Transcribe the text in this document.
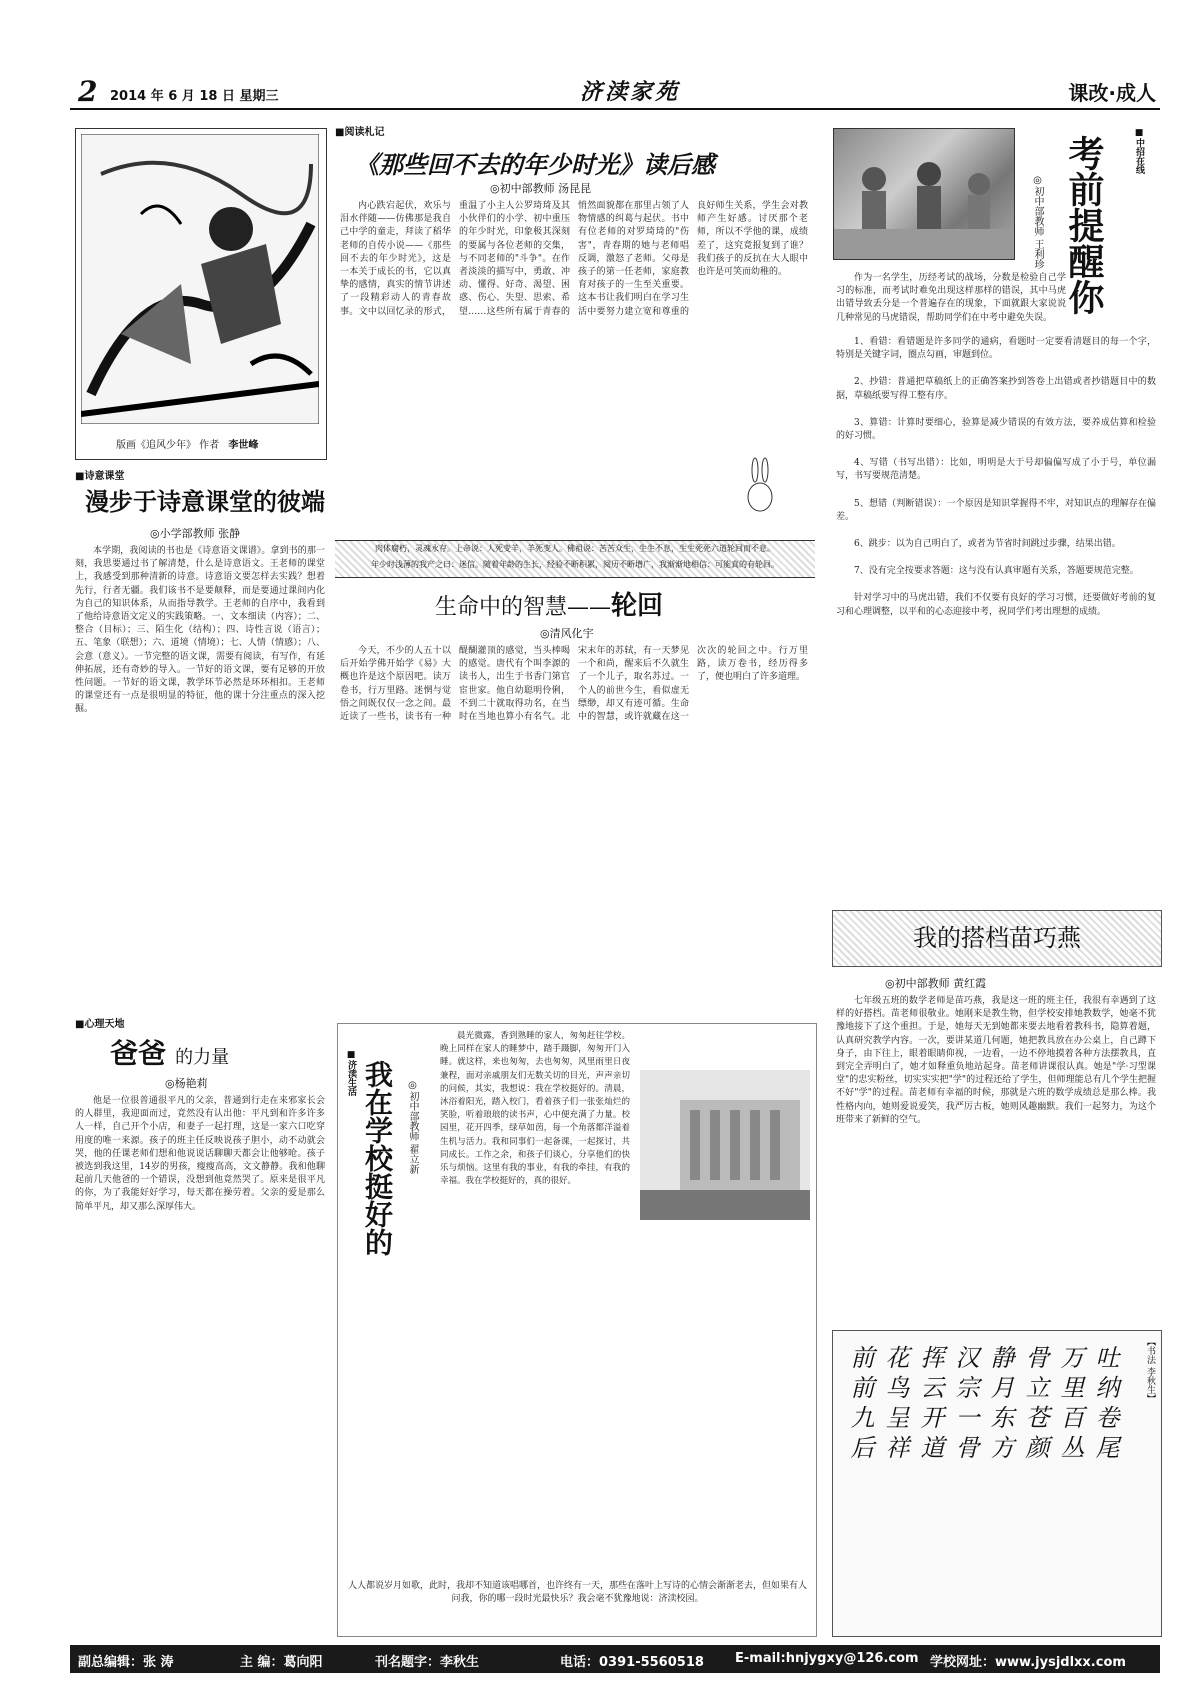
2 2014 年 6 月 18 日 星期三	济渎家苑	课改·成人
版画《追风少年》 作者 李世峰
■诗意课堂
漫步于诗意课堂的彼端
◎小学部教师 张静
本学期，我阅读的书也是《诗意语文课谱》。拿到书的那一刻，我思要通过书了解清楚，什么是诗意语文。王老师的课堂上，我感受到那种清新的诗意。诗意语文要怎样去实践？想着先行，行者无疆。我们该书不是要颠释，而是要通过课间内化为自己的知识体系，从而指导教学。王老师的自序中，我看到了他给诗意语文定义的实践策略。一、文本细读（内容）；二、整合（目标）；三、陌生化（结构）；四、诗性言说（语言）；五、笔象（联想）；六、道境（情境）；七、人情（情感）；八、会意（意义）。一节完整的语文课，需要有阅读，有写作，有延伸拓展，还有奇妙的导入。一节好的语文课，要有足够的开放性问题。一节好的语文课，教学环节必然是环环相扣。王老师的课堂还有一点是很明显的特征，他的课十分注重点的深入挖掘。
■心理天地
爸爸 的力量
◎杨艳莉
他是一位很普通很平凡的父亲，普通到行走在来邪家长会的人群里，我迎面而过，竟然没有认出他：平凡到和许多许多人一样，自己开个小店，和妻子一起打理，这是一家六口吃穿用度的唯一来源。孩子的班主任反映说孩子胆小，动不动就会哭，他的任课老师们想和他说说话聊聊天都会让他够呛。孩子被选到我这里，14岁的男孩，瘦瘦高高，文文静静。我和他聊起前几天他爸的一个错误，没想到他竟然哭了。原来是很平凡的你，为了我能好好学习，每天都在操劳着。父亲的爱是那么简单平凡，却又那么深厚伟大。
■阅读札记
《那些回不去的年少时光》读后感
◎初中部教师 汤昆昆
内心跌宕起伏，欢乐与泪水伴随——仿佛那是我自己中学的童走，拜读了稻华老师的自传小说——《那些回不去的年少时光》，这是一本关于成长的书，它以真挚的感情，真实的情节讲述了一段精彩动人的青春故事。文中以回忆录的形式，重温了小主人公罗琦琦及其小伙伴们的小学、初中重压的年少时光，印象极其深刻的要属与各位老师的交集，与不同老师的"斗争"。在作者淡淡的描写中，勇敢、冲动、懂得、好奇、渴望、困惑、伤心、失望、思索、希望……这些所有属于青春的悄然面貌都在那里占领了人物情感的纠葛与起伏。书中有位老师的对罗琦琦的"伤害"，青春期的她与老师唱反调，激怒了老师。父母是孩子的第一任老师，家庭教育对孩子的一生至关重要。这本书让我们明白在学习生活中要努力建立宽和尊重的良好师生关系，学生会对教师产生好感。讨厌那个老师，所以不学他的课，成绩差了，这究竟报复到了谁？我们孩子的反抗在大人眼中也许是可笑而幼稚的。
肉体腐朽，灵魂永存。上帝说：人死变羊，羊死变人。佛祖说：苦苦众生，生生不息，生生死死六道轮回而不息。
年少时浅薄的我产之曰：迷信。随着年龄的生长，经验不断积累，阅历不断增广，我渐渐地相信：可能真的有轮回。
生命中的智慧——轮回
◎清风化宇
今天，不少的人五十以后开始学佛开始学《易》大概也许是这个原因吧。读万卷书，行万里路。迷惘与觉悟之间既仅仅一念之间。最近读了一些书，读书有一种醍醐灌顶的感觉，当头棒喝的感觉。唐代有个叫李源的读书人，出生于书香门第官宦世家。他自幼聪明伶俐，不到二十就取得功名，在当时在当地也算小有名气。北宋末年的苏轼，有一天梦见一个和尚，醒来后不久就生了一个儿子，取名苏过。一个人的前世今生，看似虚无缥缈，却又有迹可循。生命中的智慧，或许就藏在这一次次的轮回之中。行万里路，读万卷书，经历得多了，便也明白了许多道理。
■中招在线
考前提醒你
◎初中部教师 王利珍
作为一名学生，历经考试的战场，分数是检验自己学习的标准，而考试时难免出现这样那样的错误，其中马虎出错导致丢分是一个普遍存在的现象，下面就跟大家说说几种常见的马虎错误，帮助同学们在中考中避免失误。

1、看错：看错题是许多同学的通病，看题时一定要看清题目的每一个字，特别是关键字词，圈点勾画，审题到位。

2、抄错：普通把草稿纸上的正确答案抄到答卷上出错或者抄错题目中的数据，草稿纸要写得工整有序。

3、算错：计算时要细心，验算是减少错误的有效方法，要养成估算和检验的好习惯。

4、写错（书写出错）：比如，明明是大于号却偏偏写成了小于号，单位漏写，书写要规范清楚。

5、想错（判断错误）：一个原因是知识掌握得不牢，对知识点的理解存在偏差。

6、跳步：以为自己明白了，或者为节省时间跳过步骤，结果出错。

7、没有完全按要求答题：这与没有认真审题有关系，答题要规范完整。

针对学习中的马虎出错，我们不仅要有良好的学习习惯，还要做好考前的复习和心理调整，以平和的心态迎接中考，祝同学们考出理想的成绩。

我的搭档苗巧燕
◎初中部教师 黄红霞
七年级五班的数学老师是苗巧燕，我是这一班的班主任，我很有幸遇到了这样的好搭档。苗老师很敬业。她刚来是教生物，但学校安排她教数学，她毫不犹豫地接下了这个重担。于是，她每天无到她都来要去地看着教科书，隐算着题，认真研究教学内容。一次，要讲某道几何题，她把教具放在办公桌上，自己蹲下身子，由下往上，眼着眼睛仰视，一边看，一边不停地摸着各种方法摆教具，直到完全弄明白了，她才如释重负地站起身。苗老师讲课很认真。她是"学·习型课堂"的忠实粉丝，切实实实把"学"的过程还给了学生，但师理能总有几个学生把握不好"学"的过程。苗老师有幸福的时候，那就是六班的数学成绩总是那么棒。我性格内向，她则爱说爱笑，我严厉古板，她则风趣幽默。我们一起努力，为这个班带来了新鲜的空气。
■济渎生活 我在学校挺好的 ◎初中部教师 翟立新
晨光微露，香到熟睡的家人，匆匆赶往学校。晚上同样在家人的睡梦中，踏手蹑脚，匆匆开门入睡。就这样，来也匆匆，去也匆匆，风里雨里日夜兼程，面对亲戚朋友们无数关切的目光，声声亲切的问候，其实，我想说：我在学校挺好的。清晨，沐浴着阳光，踏入校门，看着孩子们一张张灿烂的笑脸，听着琅琅的读书声，心中便充满了力量。校园里，花开四季，绿草如茵，每一个角落都洋溢着生机与活力。我和同事们一起备课，一起探讨，共同成长。工作之余，和孩子们谈心，分享他们的快乐与烦恼。这里有我的事业，有我的牵挂，有我的幸福。我在学校挺好的，真的很好。
人人都说岁月如歌，此时，我却不知道该唱哪首，也许终有一天，那些在落叶上写诗的心情会渐渐老去，但如果有人问我，你的哪一段时光最快乐？我会毫不犹豫地说：济渎校园。
【书法 李秋生】
吐纳卷尾
万里百丛
骨立苍颜
静月东方
汉宗一骨
挥云开道
花鸟呈祥
前前九后
副总编辑：张 涛	主 编：葛向阳	刊名题字：李秋生	电话：0391-5560518 E-mail:hnjygxy@126.com 学校网址：www.jysjdlxx.com
